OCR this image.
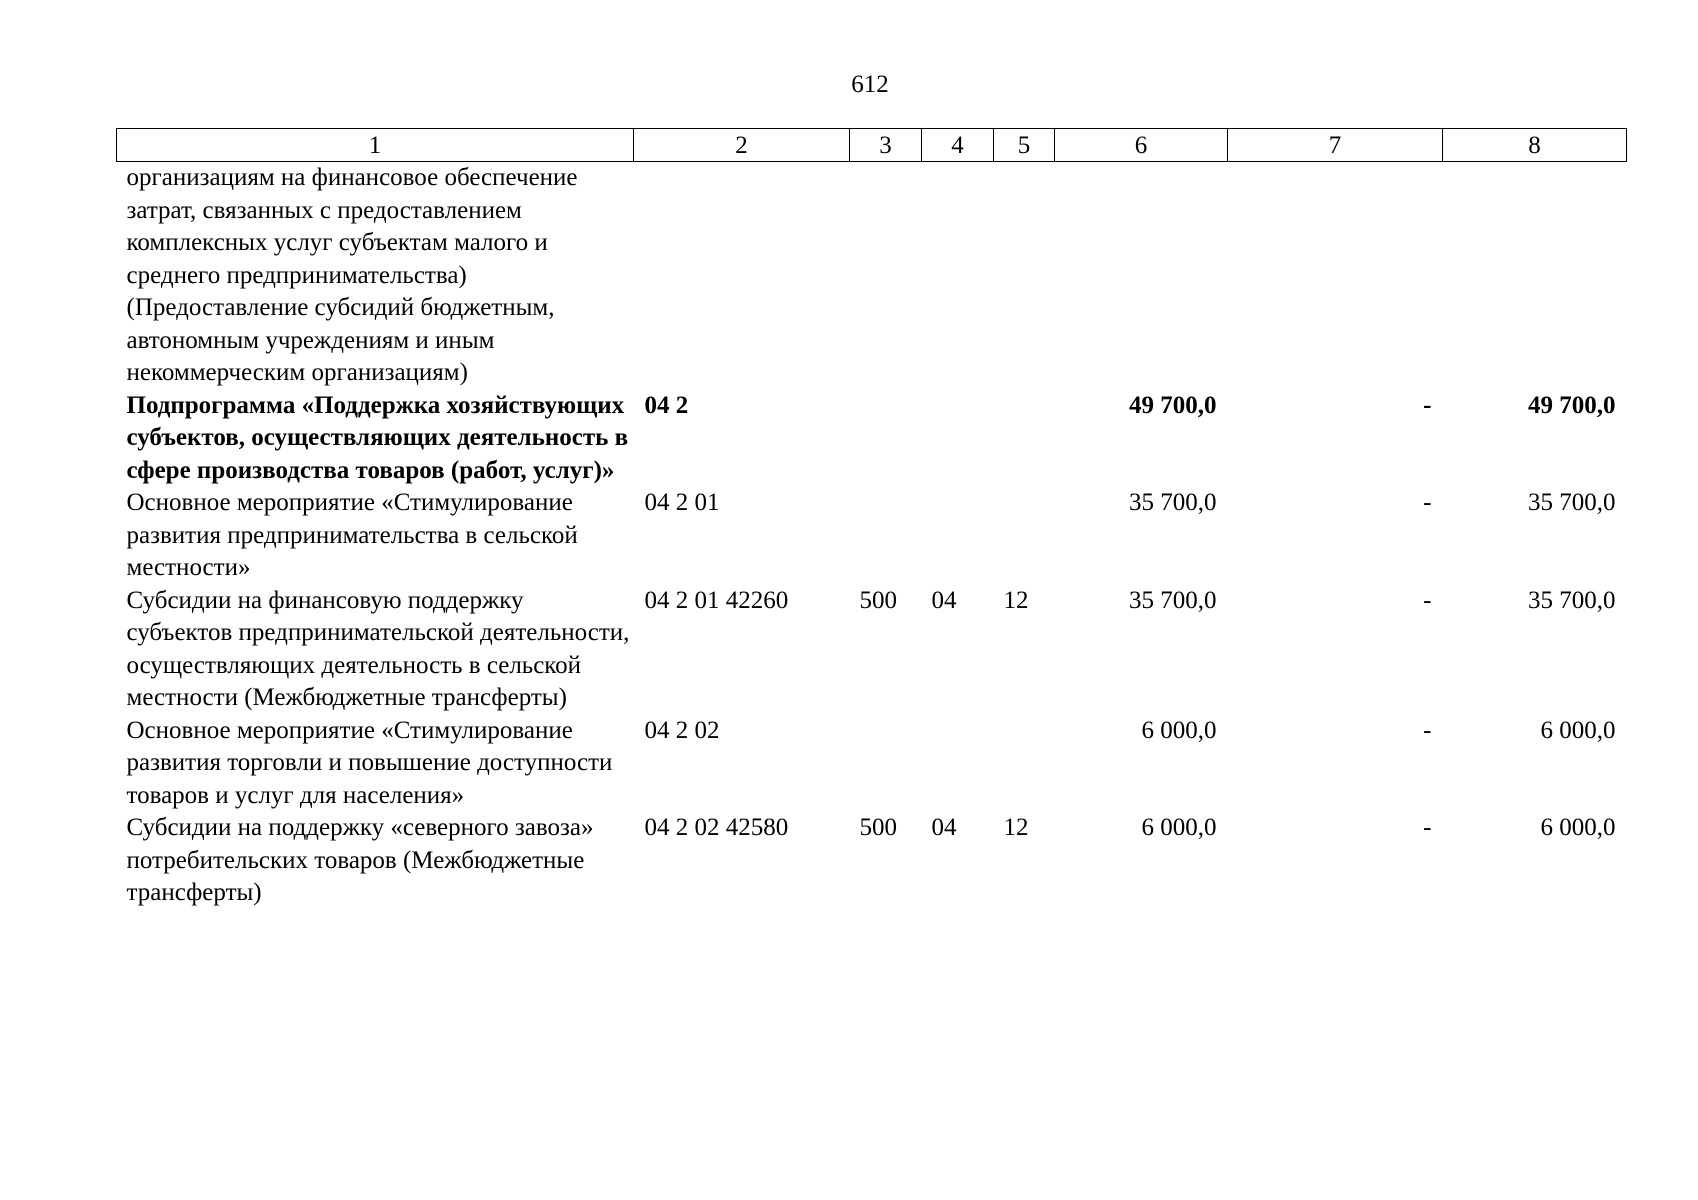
612
1	2	3	4	5	6	7	8
организациям на финансовое обеспечение затрат, связанных с предоставлением комплексных услуг субъектам малого и среднего предпринимательства) (Предоставление субсидий бюджетным, автономным учреждениям и иным некоммерческим организациям)							
Подпрограмма «Поддержка хозяйствующих субъектов, осуществляющих деятельность в сфере производства товаров (работ, услуг)»	04 2				49 700,0	-	49 700,0
Основное мероприятие «Стимулирование развития предпринимательства в сельской местности»	04 2 01				35 700,0	-	35 700,0
Субсидии на финансовую поддержку субъектов предпринимательской деятельности, осуществляющих деятельность в сельской местности (Межбюджетные трансферты)	04 2 01 42260	500	04	12	35 700,0	-	35 700,0
Основное мероприятие «Стимулирование развития торговли и повышение доступности товаров и услуг для населения»	04 2 02				6 000,0	-	6 000,0
Субсидии на поддержку «северного завоза» потребительских товаров (Межбюджетные трансферты)	04 2 02 42580	500	04	12	6 000,0	-	6 000,0
